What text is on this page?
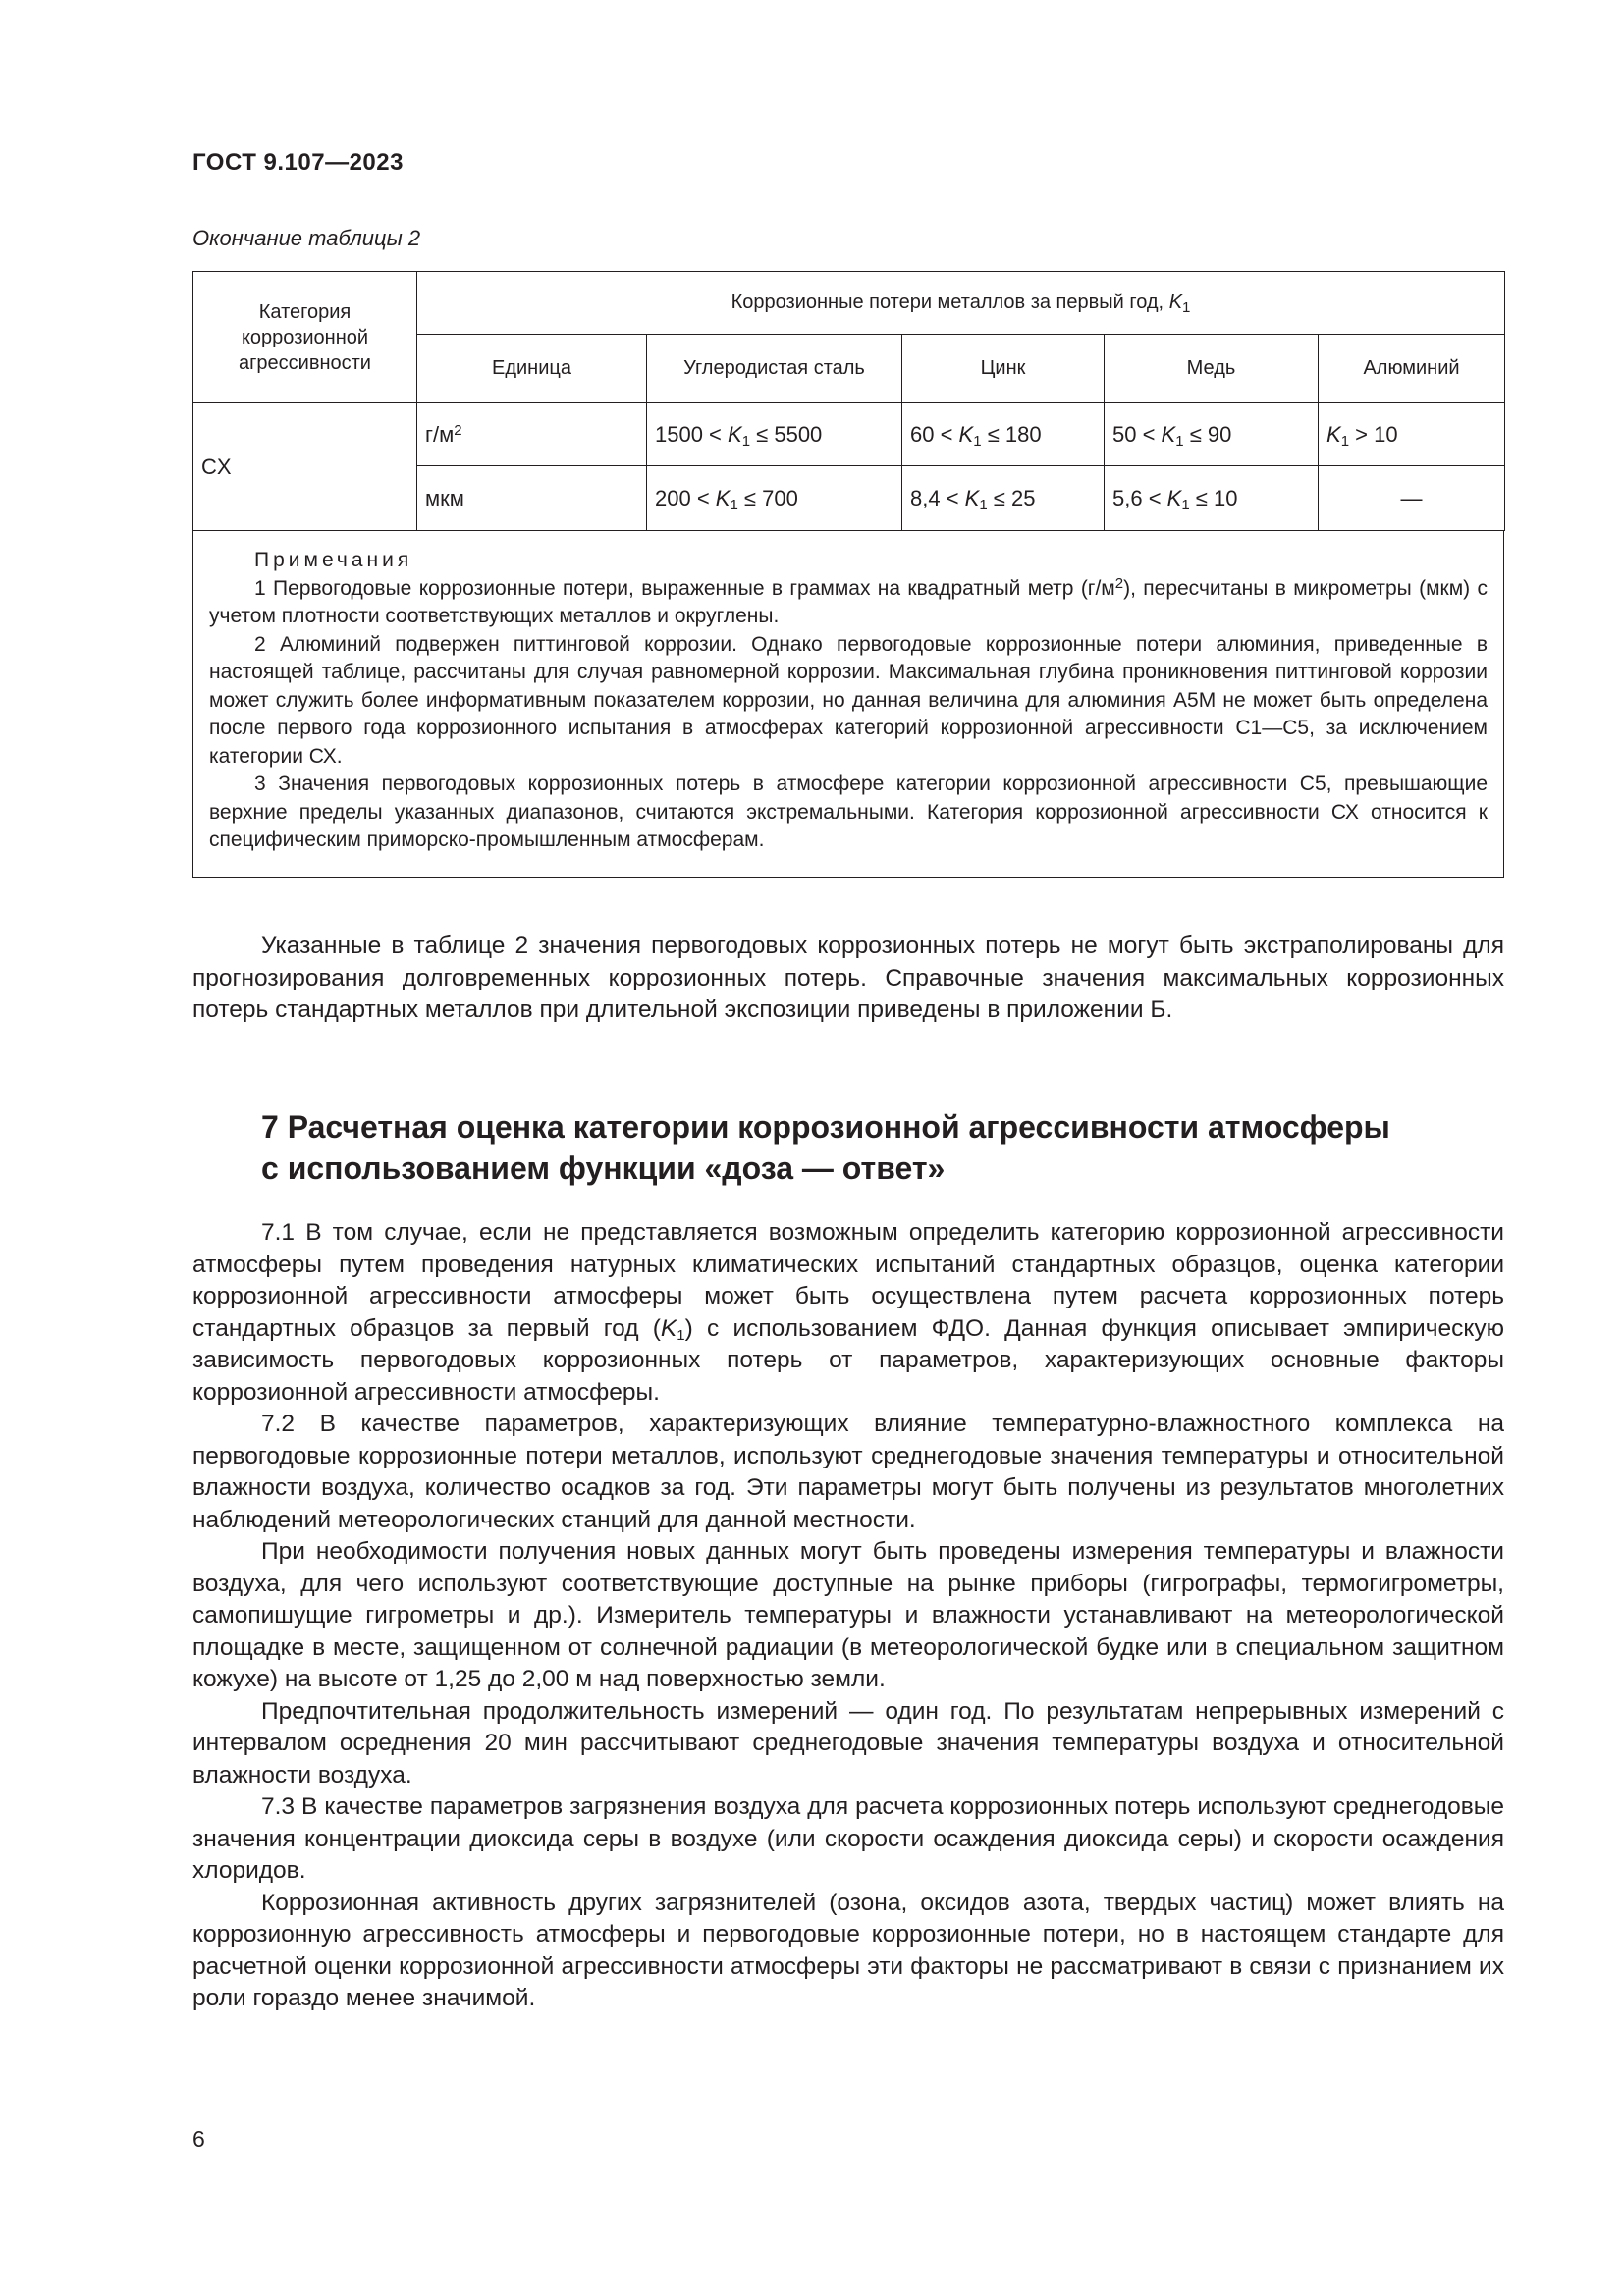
ГОСТ 9.107—2023
Окончание таблицы 2
Категория коррозионной агрессивности	Коррозионные потери металлов за первый год, $K_1$
	Единица	Углеродистая сталь	Цинк	Медь	Алюминий
CX	$г/м^2$	$1500 < K_1 \le 5500$	$60 < K_1 \le 180$	$50 < K_1 \le 90$	$K_1 > 10$
	мкм	$200 < K_1 \le 700$	$8,4 < K_1 \le 25$	$5,6 < K_1 \le 10$	—

Примечания

1 Первогодовые коррозионные потери, выраженные в граммах на квадратный метр $(г/м^2)$, пересчитаны в микрометры (мкм) с учетом плотности соответствующих металлов и округлены.

2 Алюминий подвержен питтинговой коррозии. Однако первогодовые коррозионные потери алюминия, приведенные в настоящей таблице, рассчитаны для случая равномерной коррозии. Максимальная глубина проникновения питтинговой коррозии может служить более информативным показателем коррозии, но данная величина для алюминия А5М не может быть определена после первого года коррозионного испытания в атмосферах категорий коррозионной агрессивности С1—С5, за исключением категории СХ.

3 Значения первогодовых коррозионных потерь в атмосфере категории коррозионной агрессивности С5, превышающие верхние пределы указанных диапазонов, считаются экстремальными. Категория коррозионной агрессивности СХ относится к специфическим приморско-промышленным атмосферам.

Указанные в таблице 2 значения первогодовых коррозионных потерь не могут быть экстраполированы для прогнозирования долговременных коррозионных потерь. Справочные значения максимальных коррозионных потерь стандартных металлов при длительной экспозиции приведены в приложении Б.

7 Расчетная оценка категории коррозионной агрессивности атмосферы
с использованием функции «доза — ответ»

7.1 В том случае, если не представляется возможным определить категорию коррозионной агрессивности атмосферы путем проведения натурных климатических испытаний стандартных образцов, оценка категории коррозионной агрессивности атмосферы может быть осуществлена путем расчета коррозионных потерь стандартных образцов за первый год $(K_1)$ с использованием ФДО. Данная функция описывает эмпирическую зависимость первогодовых коррозионных потерь от параметров, характеризующих основные факторы коррозионной агрессивности атмосферы.

7.2 В качестве параметров, характеризующих влияние температурно-влажностного комплекса на первогодовые коррозионные потери металлов, используют среднегодовые значения температуры и относительной влажности воздуха, количество осадков за год. Эти параметры могут быть получены из результатов многолетних наблюдений метеорологических станций для данной местности.

При необходимости получения новых данных могут быть проведены измерения температуры и влажности воздуха, для чего используют соответствующие доступные на рынке приборы (гигрографы, термогигрометры, самопишущие гигрометры и др.). Измеритель температуры и влажности устанавливают на метеорологической площадке в месте, защищенном от солнечной радиации (в метеорологической будке или в специальном защитном кожухе) на высоте от 1,25 до 2,00 м над поверхностью земли.

Предпочтительная продолжительность измерений — один год. По результатам непрерывных измерений с интервалом осреднения 20 мин рассчитывают среднегодовые значения температуры воздуха и относительной влажности воздуха.

7.3 В качестве параметров загрязнения воздуха для расчета коррозионных потерь используют среднегодовые значения концентрации диоксида серы в воздухе (или скорости осаждения диоксида серы) и скорости осаждения хлоридов.

Коррозионная активность других загрязнителей (озона, оксидов азота, твердых частиц) может влиять на коррозионную агрессивность атмосферы и первогодовые коррозионные потери, но в настоящем стандарте для расчетной оценки коррозионной агрессивности атмосферы эти факторы не рассматривают в связи с признанием их роли гораздо менее значимой.

6
